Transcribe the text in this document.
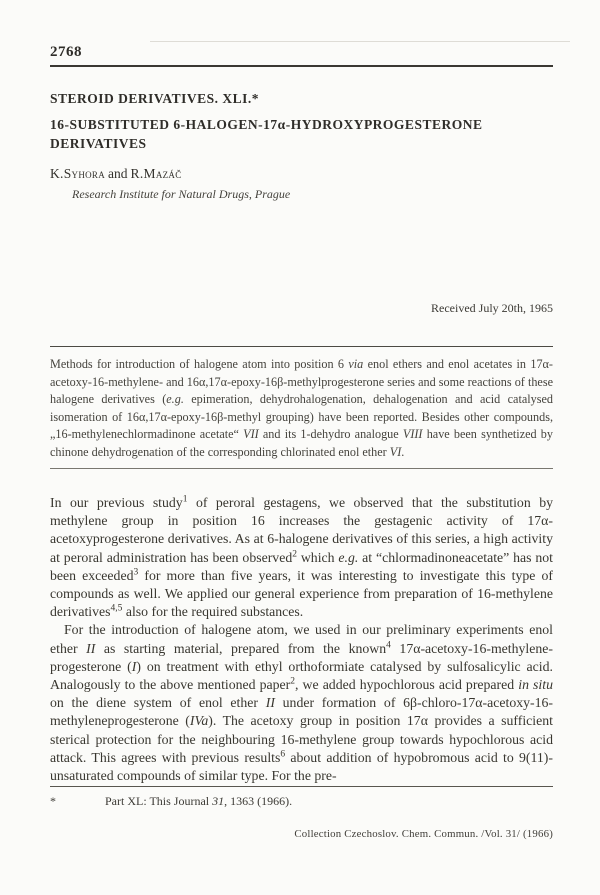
2768
STEROID DERIVATIVES. XLI.*
16-SUBSTITUTED 6-HALOGEN-17α-HYDROXYPROGESTERONE DERIVATIVES
K.Syhora and R.Mazáč
Research Institute for Natural Drugs, Prague
Received July 20th, 1965
Methods for introduction of halogene atom into position 6 via enol ethers and enol acetates in 17α-acetoxy-16-methylene- and 16α,17α-epoxy-16β-methylprogesterone series and some reactions of these halogene derivatives (e.g. epimeration, dehydrohalogenation, dehalogenation and acid catalysed isomeration of 16α,17α-epoxy-16β-methyl grouping) have been reported. Besides other compounds, „16-methylenechlormadinone acetate“ VII and its 1-dehydro analogue VIII have been synthetized by chinone dehydrogenation of the corresponding chlorinated enol ether VI.

In our previous study$^1$ of peroral gestagens, we observed that the substitution by methylene group in position 16 increases the gestagenic activity of 17α-acetoxyprogesterone derivatives. As at 6-halogene derivatives of this series, a high activity at peroral administration has been observed$^2$ which e.g. at “chlormadinoneacetate” has not been exceeded$^3$ for more than five years, it was interesting to investigate this type of compounds as well. We applied our general experience from preparation of 16-methylene derivatives$^{4,5}$ also for the required substances.

For the introduction of halogene atom, we used in our preliminary experiments enol ether II as starting material, prepared from the known$^4$ 17α-acetoxy-16-methylene-progesterone (I) on treatment with ethyl orthoformiate catalysed by sulfosalicylic acid. Analogously to the above mentioned paper$^2$, we added hypochlorous acid prepared in situ on the diene system of enol ether II under formation of 6β-chloro-17α-acetoxy-16-methyleneprogesterone (IVa). The acetoxy group in position 17α provides a sufficient sterical protection for the neighbouring 16-methylene group towards hypochlorous acid attack. This agrees with previous results$^6$ about addition of hypobromous acid to 9(11)-unsaturated compounds of similar type. For the pre-

*	Part XL: This Journal 31, 1363 (1966).
Collection Czechoslov. Chem. Commun. /Vol. 31/ (1966)
